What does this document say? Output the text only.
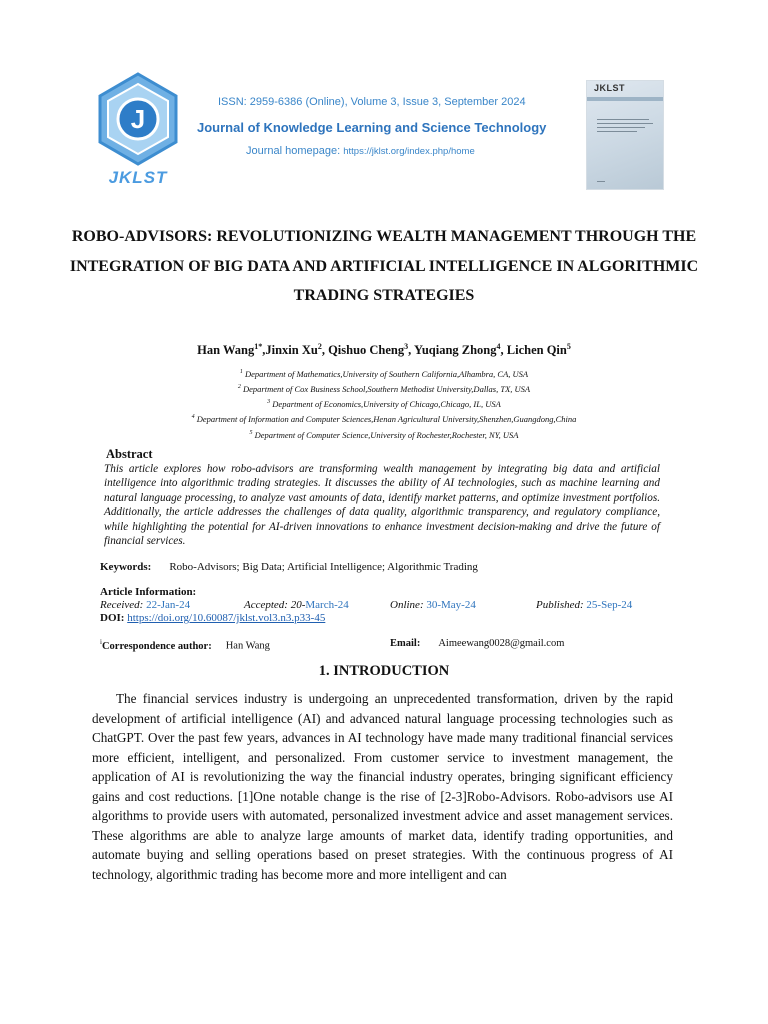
J
JKLST
ISSN: 2959-6386 (Online), Volume 3, Issue 3, September 2024
Journal of Knowledge Learning and Science Technology
Journal homepage: https://jklst.org/index.php/home
JKLST
ROBO-ADVISORS: REVOLUTIONIZING WEALTH MANAGEMENT THROUGH THE INTEGRATION OF BIG DATA AND ARTIFICIAL INTELLIGENCE IN ALGORITHMIC TRADING STRATEGIES
Han Wang$^{1*}$,Jinxin Xu$^2$, Qishuo Cheng$^3$, Yuqiang Zhong$^4$, Lichen Qin$^5$
$^1$ Department of Mathematics,University of Southern California,Alhambra, CA, USA
$^2$ Department of Cox Business School,Southern Methodist University,Dallas, TX, USA
$^3$ Department of Economics,University of Chicago,Chicago, IL, USA
$^4$ Department of Information and Computer Sciences,Henan Agricultural University,Shenzhen,Guangdong,China
$^5$ Department of Computer Science,University of Rochester,Rochester, NY, USA
Abstract
This article explores how robo-advisors are transforming wealth management by integrating big data and artificial intelligence into algorithmic trading strategies. It discusses the ability of AI technologies, such as machine learning and natural language processing, to analyze vast amounts of data, identify market patterns, and optimize investment portfolios. Additionally, the article addresses the challenges of data quality, algorithmic transparency, and regulatory compliance, while highlighting the potential for AI-driven innovations to enhance investment decision-making and drive the future of financial services.
Keywords: Robo-Advisors; Big Data; Artificial Intelligence; Algorithmic Trading
Article Information:
Received: 22-Jan-24	Accepted: 20-March-24	Online: 30-May-24	Published: 25-Sep-24
DOI: https://doi.org/10.60087/jklst.vol3.n3.p33-45
$^i$Correspondence author: Han Wang	Email: Aimeewang0028@gmail.com
1. INTRODUCTION
The financial services industry is undergoing an unprecedented transformation, driven by the rapid development of artificial intelligence (AI) and advanced natural language processing technologies such as ChatGPT. Over the past few years, advances in AI technology have made many traditional financial services more efficient, intelligent, and personalized. From customer service to investment management, the application of AI is revolutionizing the way the financial industry operates, bringing significant efficiency gains and cost reductions. [1]One notable change is the rise of [2-3]Robo-Advisors. Robo-advisors use AI algorithms to provide users with automated, personalized investment advice and asset management services. These algorithms are able to analyze large amounts of market data, identify trading opportunities, and automate buying and selling operations based on preset strategies. With the continuous progress of AI technology, algorithmic trading has become more and more intelligent and can
